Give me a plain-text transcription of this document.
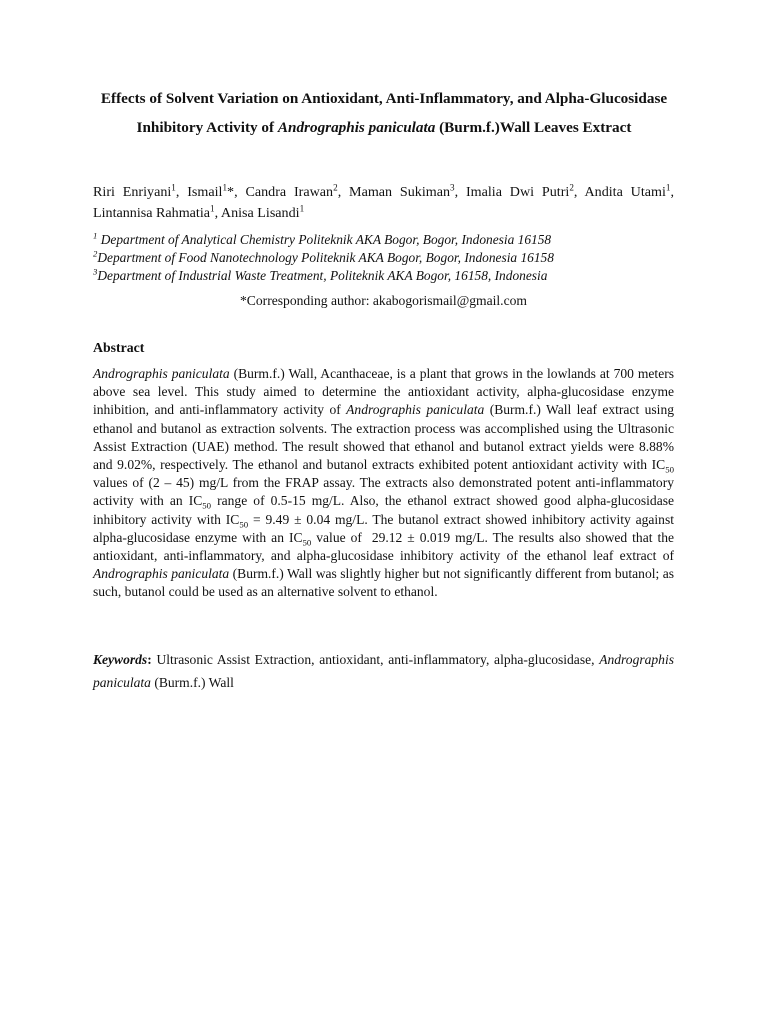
Effects of Solvent Variation on Antioxidant, Anti-Inflammatory, and Alpha-Glucosidase Inhibitory Activity of Andrographis paniculata (Burm.f.)Wall Leaves Extract

Riri Enriyani$^1$, Ismail$^1$*, Candra Irawan$^2$, Maman Sukiman$^3$, Imalia Dwi Putri$^2$, Andita Utami$^1$, Lintannisa Rahmatia$^1$, Anisa Lisandi$^1$

$^1$ Department of Analytical Chemistry Politeknik AKA Bogor, Bogor, Indonesia 16158
$^2$Department of Food Nanotechnology Politeknik AKA Bogor, Bogor, Indonesia 16158
$^3$Department of Industrial Waste Treatment, Politeknik AKA Bogor, 16158, Indonesia

*Corresponding author: akabogorismail@gmail.com

Abstract

Andrographis paniculata (Burm.f.) Wall, Acanthaceae, is a plant that grows in the lowlands at 700 meters above sea level. This study aimed to determine the antioxidant activity, alpha-glucosidase enzyme inhibition, and anti-inflammatory activity of Andrographis paniculata (Burm.f.) Wall leaf extract using ethanol and butanol as extraction solvents. The extraction process was accomplished using the Ultrasonic Assist Extraction (UAE) method. The result showed that ethanol and butanol extract yields were 8.88% and 9.02%, respectively. The ethanol and butanol extracts exhibited potent antioxidant activity with $IC_{50}$ values of (2 – 45) mg/L from the FRAP assay. The extracts also demonstrated potent anti-inflammatory activity with an $IC_{50}$ range of 0.5-15 mg/L. Also, the ethanol extract showed good alpha-glucosidase inhibitory activity with $IC_{50} = 9.49 \pm 0.04$ mg/L. The butanol extract showed inhibitory activity against alpha-glucosidase enzyme with an $IC_{50}$ value of  29.12 ± 0.019 mg/L. The results also showed that the antioxidant, anti-inflammatory, and alpha-glucosidase inhibitory activity of the ethanol leaf extract of Andrographis paniculata (Burm.f.) Wall was slightly higher but not significantly different from butanol; as such, butanol could be used as an alternative solvent to ethanol.

Keywords: Ultrasonic Assist Extraction, antioxidant, anti-inflammatory, alpha-glucosidase, Andrographis paniculata (Burm.f.) Wall
